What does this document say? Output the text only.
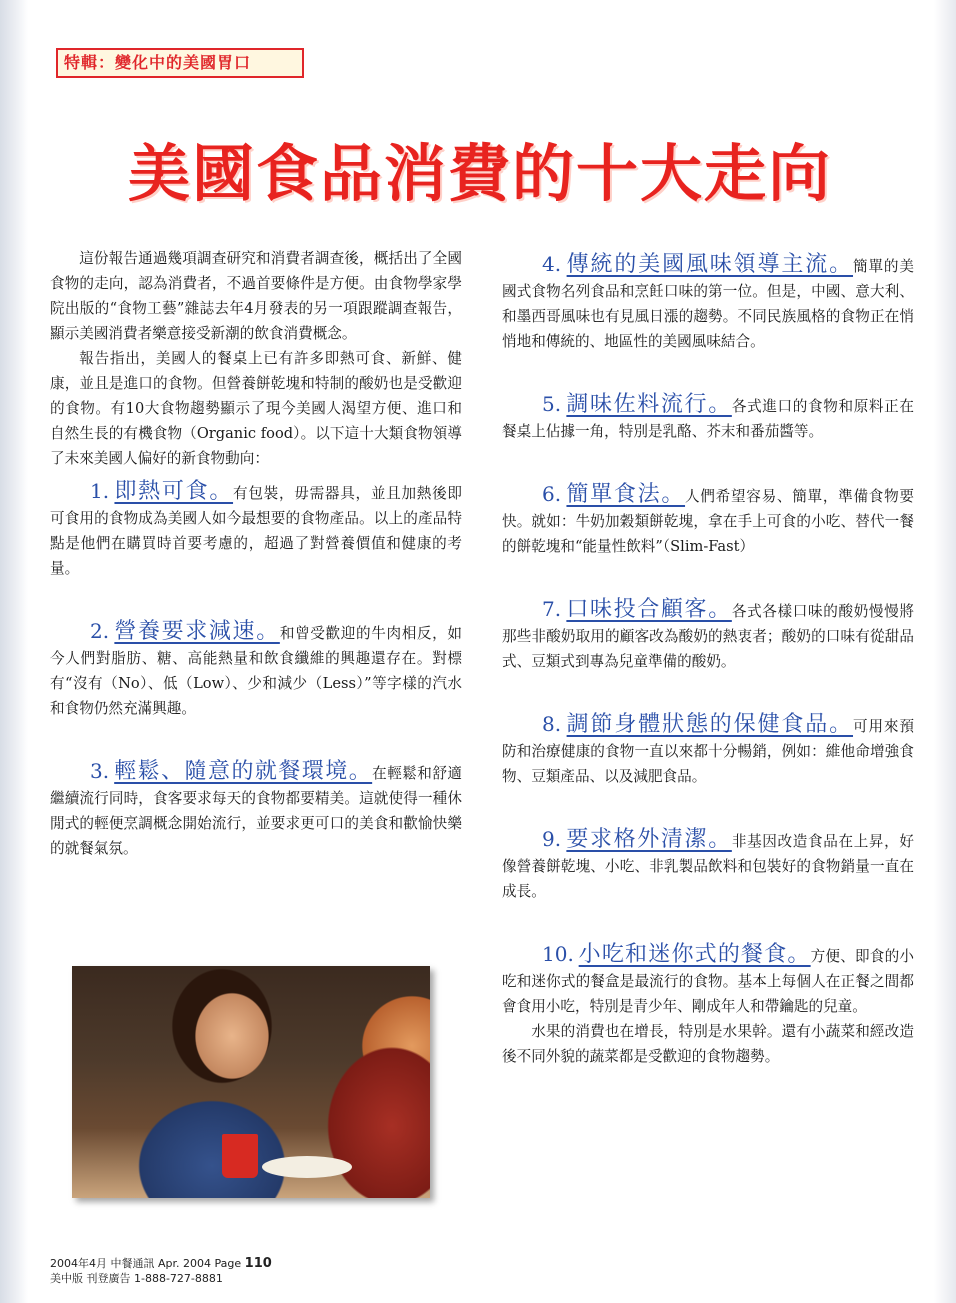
特輯：變化中的美國胃口
美國食品消費的十大走向

這份報告通過幾項調查研究和消費者調查後，概括出了全國食物的走向，認為消費者，不過首要條件是方便。由食物學家學院出版的“食物工藝”雜誌去年4月發表的另一項跟蹤調查報告，顯示美國消費者樂意接受新潮的飲食消費概念。

報告指出，美國人的餐桌上已有許多即熱可食、新鮮、健康，並且是進口的食物。但營養餅乾塊和特制的酸奶也是受歡迎的食物。有10大食物趨勢顯示了現今美國人渴望方便、進口和自然生長的有機食物（Organic food）。以下這十大類食物領導了未來美國人偏好的新食物動向：

1. 即熱可食。有包裝，毋需器具，並且加熱後即可食用的食物成為美國人如今最想要的食物產品。以上的產品特點是他們在購買時首要考慮的，超過了對營養價值和健康的考量。
2. 營養要求減速。和曾受歡迎的牛肉相反，如今人們對脂肪、糖、高能熱量和飲食纖維的興趣還存在。對標有“沒有（No）、低（Low）、少和減少（Less）”等字樣的汽水和食物仍然充滿興趣。
3. 輕鬆、隨意的就餐環境。在輕鬆和舒適繼續流行同時，食客要求每天的食物都要精美。這就使得一種休閒式的輕便烹調概念開始流行，並要求更可口的美食和歡愉快樂的就餐氣氛。
4. 傳統的美國風味領導主流。簡單的美國式食物名列食品和烹飪口味的第一位。但是，中國、意大利、和墨西哥風味也有見風日漲的趨勢。不同民族風格的食物正在悄悄地和傳統的、地區性的美國風味結合。
5. 調味佐料流行。各式進口的食物和原料正在餐桌上佔據一角，特別是乳酪、芥末和番茄醬等。
6. 簡單食法。人們希望容易、簡單，準備食物要快。就如：牛奶加穀類餅乾塊，拿在手上可食的小吃、替代一餐的餅乾塊和“能量性飲料”（Slim-Fast）
7. 口味投合顧客。各式各樣口味的酸奶慢慢將那些非酸奶取用的顧客改為酸奶的熱衷者；酸奶的口味有從甜品式、豆類式到專為兒童準備的酸奶。
8. 調節身體狀態的保健食品。可用來預防和治療健康的食物一直以來都十分暢銷，例如：維他命增強食物、豆類產品、以及減肥食品。
9. 要求格外清潔。非基因改造食品在上昇，好像營養餅乾塊、小吃、非乳製品飲料和包裝好的食物銷量一直在成長。
10. 小吃和迷你式的餐食。方便、即食的小吃和迷你式的餐盒是最流行的食物。基本上每個人在正餐之間都會食用小吃，特別是青少年、剛成年人和帶鑰匙的兒童。

水果的消費也在增長，特別是水果幹。還有小蔬菜和經改造後不同外貌的蔬菜都是受歡迎的食物趨勢。

2004年4月 中餐通訊 Apr. 2004 Page 110
美中版 刊登廣告 1-888-727-8881
